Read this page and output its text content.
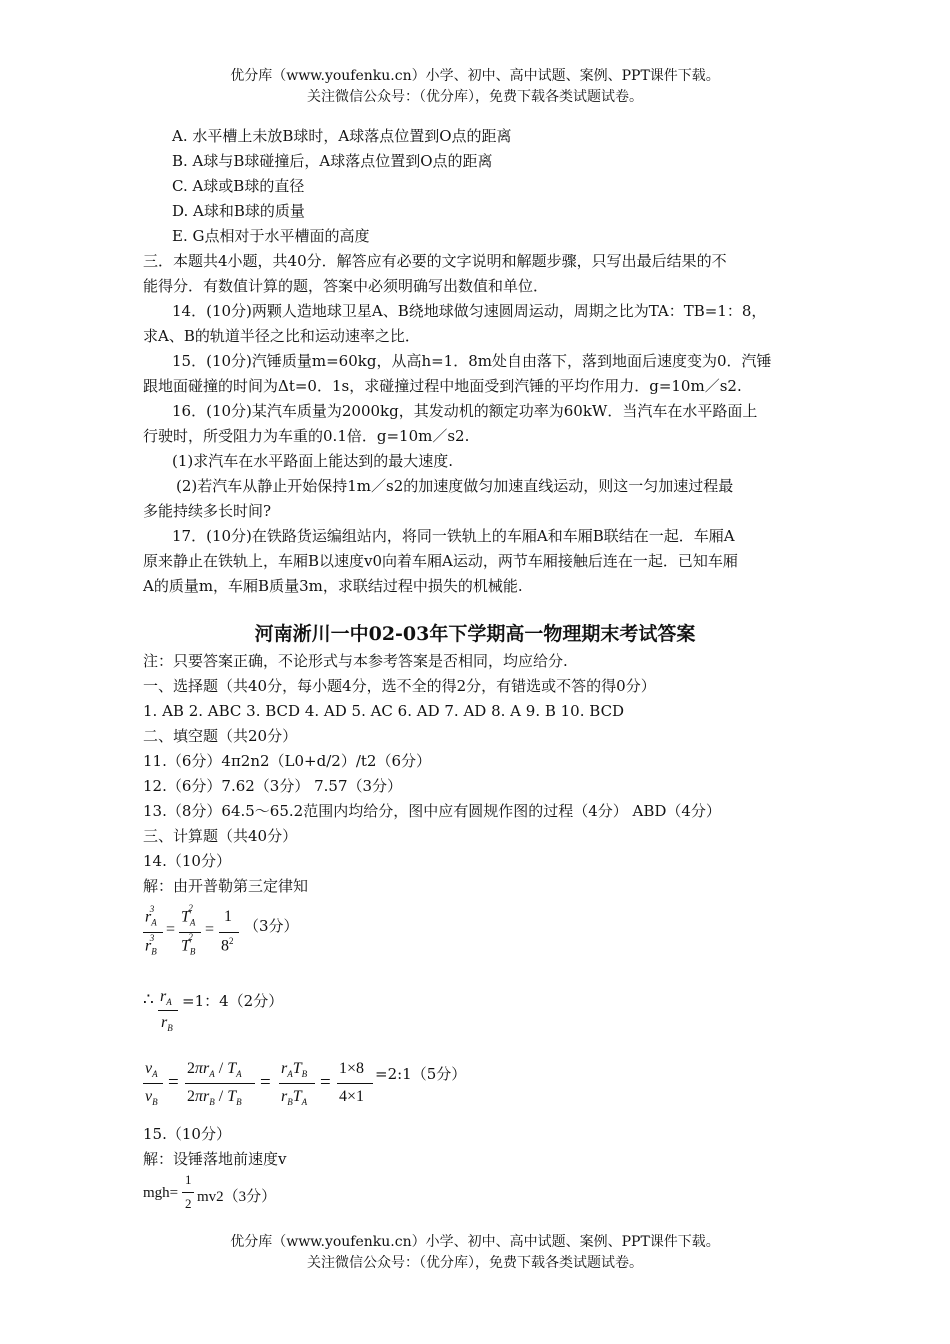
优分库（www.youfenku.cn）小学、初中、高中试题、案例、PPT课件下载。
关注微信公众号：（优分库），免费下载各类试题试卷。
A. 水平槽上未放B球时，A球落点位置到O点的距离
B. A球与B球碰撞后，A球落点位置到O点的距离
C. A球或B球的直径
D. A球和B球的质量
E. G点相对于水平槽面的高度
三．本题共4小题，共40分．解答应有必要的文字说明和解题步骤，只写出最后结果的不
能得分．有数值计算的题，答案中必须明确写出数值和单位．
14．(10分)两颗人造地球卫星A、B绕地球做匀速圆周运动，周期之比为TA：TB=1：8，
求A、B的轨道半径之比和运动速率之比．
15．(10分)汽锤质量m=60kg，从高h=1．8m处自由落下，落到地面后速度变为0．汽锤
跟地面碰撞的时间为Δt=0．1s，求碰撞过程中地面受到汽锤的平均作用力．g=10m／s2.
16．(10分)某汽车质量为2000kg，其发动机的额定功率为60kW．当汽车在水平路面上
行驶时，所受阻力为车重的0.1倍．g=10m／s2.
(1)求汽车在水平路面上能达到的最大速度.
(2)若汽车从静止开始保持1m／s2的加速度做匀加速直线运动，则这一匀加速过程最
多能持续多长时间?
17．(10分)在铁路货运编组站内，将同一铁轨上的车厢A和车厢B联结在一起．车厢A
原来静止在铁轨上，车厢B以速度v0向着车厢A运动，两节车厢接触后连在一起．已知车厢
A的质量m，车厢B质量3m，求联结过程中损失的机械能.
河南淅川一中02-03年下学期高一物理期末考试答案
注：只要答案正确，不论形式与本参考答案是否相同，均应给分.
一、选择题（共40分，每小题4分，选不全的得2分，有错选或不答的得0分）
1. AB 2. ABC 3. BCD 4. AD 5. AC 6. AD 7. AD 8. A 9. B 10. BCD
二、填空题（共20分）
11.（6分）4π2n2（L0+d/2）/t2（6分）
12.（6分）7.62（3分） 7.57（3分）
13.（8分）64.5～65.2范围内均给分，图中应有圆规作图的过程（4分） ABD（4分）
三、计算题（共40分）
14.（10分）
解：由开普勒第三定律知
$r_A^3$
$r_B^3$ =
$T_A^2$
$T_B^2$ =
1
$8^2$
（3分）
∴ $r_A$
$r_B$
=1：4（2分）
$v_A$
$v_B$
=
$2\pi r_A / T_A$
$2\pi r_B / T_B$
=
$r_AT_B$
$r_BT_A$
=
1×8
4×1
=2:1（5分）
15.（10分）
解：设锤落地前速度v
mgh=
1
2 mv2（3分）
优分库（www.youfenku.cn）小学、初中、高中试题、案例、PPT课件下载。
关注微信公众号：（优分库），免费下载各类试题试卷。
